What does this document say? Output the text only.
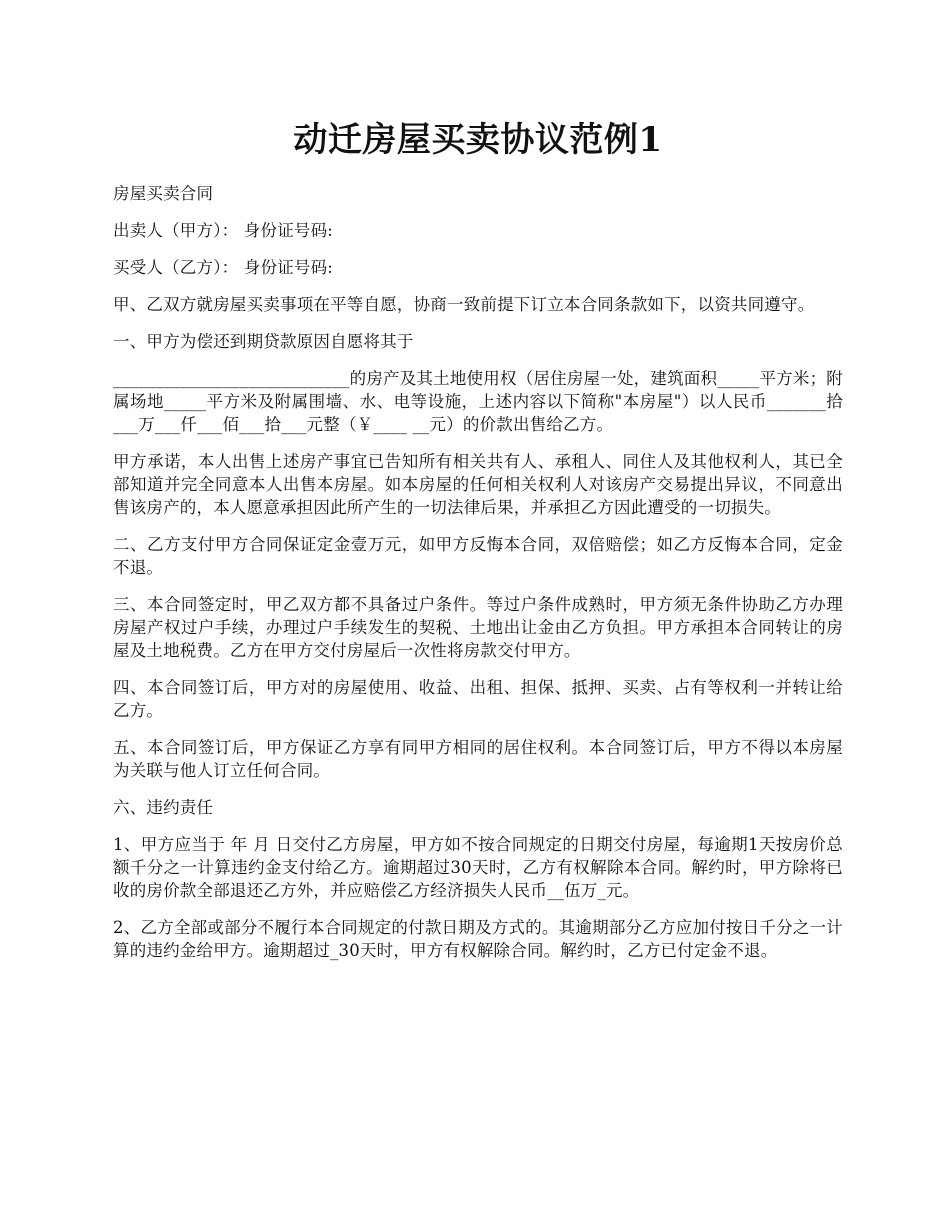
动迁房屋买卖协议范例1

房屋买卖合同

出卖人（甲方）： 身份证号码:

买受人（乙方）： 身份证号码:

甲、乙双方就房屋买卖事项在平等自愿，协商一致前提下订立本合同条款如下，以资共同遵守。

一、甲方为偿还到期贷款原因自愿将其于

____________________________的房产及其土地使用权（居住房屋一处，建筑面积_____平方米；附属场地_____平方米及附属围墙、水、电等设施，上述内容以下简称"本房屋"）以人民币_______拾___万___仟___佰___拾___元整（￥____ __元）的价款出售给乙方。

甲方承诺，本人出售上述房产事宜已告知所有相关共有人、承租人、同住人及其他权利人，其已全部知道并完全同意本人出售本房屋。如本房屋的任何相关权利人对该房产交易提出异议，不同意出售该房产的，本人愿意承担因此所产生的一切法律后果，并承担乙方因此遭受的一切损失。

二、乙方支付甲方合同保证定金壹万元，如甲方反悔本合同，双倍赔偿；如乙方反悔本合同，定金不退。

三、本合同签定时，甲乙双方都不具备过户条件。等过户条件成熟时，甲方须无条件协助乙方办理房屋产权过户手续，办理过户手续发生的契税、土地出让金由乙方负担。甲方承担本合同转让的房屋及土地税费。乙方在甲方交付房屋后一次性将房款交付甲方。

四、本合同签订后，甲方对的房屋使用、收益、出租、担保、抵押、买卖、占有等权利一并转让给乙方。

五、本合同签订后，甲方保证乙方享有同甲方相同的居住权利。本合同签订后，甲方不得以本房屋为关联与他人订立任何合同。

六、违约责任

1、甲方应当于 年 月 日交付乙方房屋，甲方如不按合同规定的日期交付房屋，每逾期1天按房价总额千分之一计算违约金支付给乙方。逾期超过30天时，乙方有权解除本合同。解约时，甲方除将已收的房价款全部退还乙方外，并应赔偿乙方经济损失人民币__伍万_元。

2、乙方全部或部分不履行本合同规定的付款日期及方式的。其逾期部分乙方应加付按日千分之一计算的违约金给甲方。逾期超过_30天时，甲方有权解除合同。解约时，乙方已付定金不退。
